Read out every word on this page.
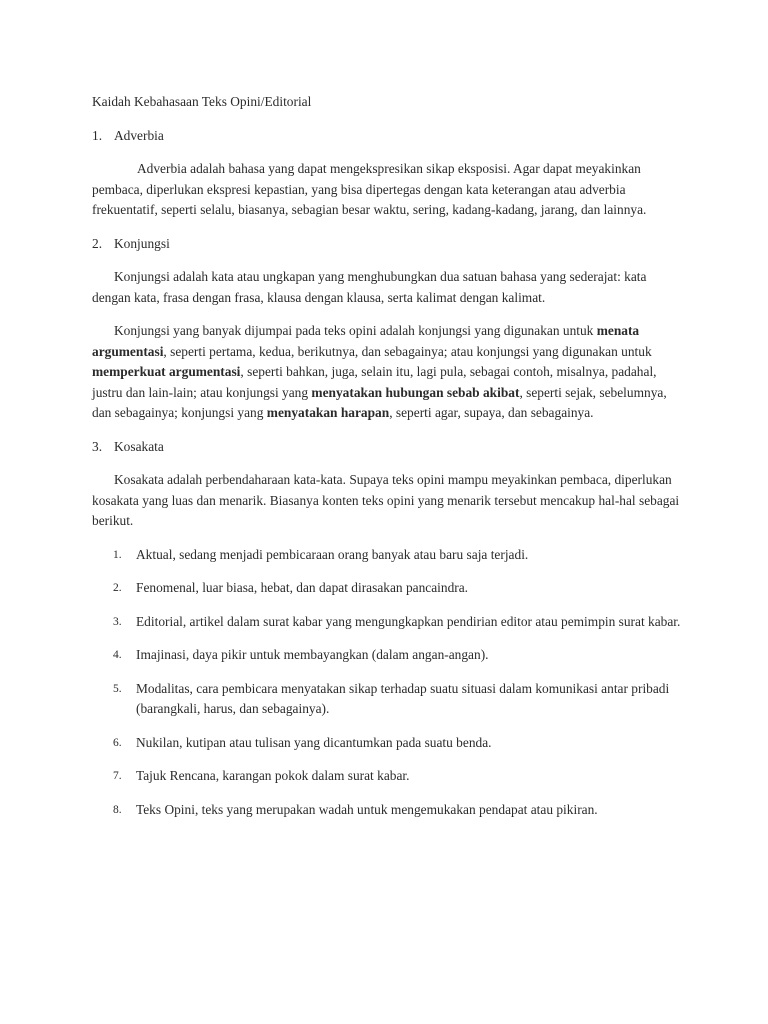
Kaidah Kebahasaan Teks Opini/Editorial

1. Adverbia

Adverbia adalah bahasa yang dapat mengekspresikan sikap eksposisi. Agar dapat meyakinkan pembaca, diperlukan ekspresi kepastian, yang bisa dipertegas dengan kata keterangan atau adverbia frekuentatif, seperti selalu, biasanya, sebagian besar waktu, sering, kadang-kadang, jarang, dan lainnya.

2. Konjungsi

Konjungsi adalah kata atau ungkapan yang menghubungkan dua satuan bahasa yang sederajat: kata dengan kata, frasa dengan frasa, klausa dengan klausa, serta kalimat dengan kalimat.

Konjungsi yang banyak dijumpai pada teks opini adalah konjungsi yang digunakan untuk menata argumentasi, seperti pertama, kedua, berikutnya, dan sebagainya; atau konjungsi yang digunakan untuk memperkuat argumentasi, seperti bahkan, juga, selain itu, lagi pula, sebagai contoh, misalnya, padahal, justru dan lain-lain; atau konjungsi yang menyatakan hubungan sebab akibat, seperti sejak, sebelumnya, dan sebagainya; konjungsi yang menyatakan harapan, seperti agar, supaya, dan sebagainya.

3. Kosakata

Kosakata adalah perbendaharaan kata-kata. Supaya teks opini mampu meyakinkan pembaca, diperlukan kosakata yang luas dan menarik. Biasanya konten teks opini yang menarik tersebut mencakup hal-hal sebagai berikut.

1.	Aktual, sedang menjadi pembicaraan orang banyak atau baru saja terjadi.
2.	Fenomenal, luar biasa, hebat, dan dapat dirasakan pancaindra.
3.	Editorial, artikel dalam surat kabar yang mengungkapkan pendirian editor atau pemimpin surat kabar.
4.	Imajinasi, daya pikir untuk membayangkan (dalam angan-angan).
5.	Modalitas, cara pembicara menyatakan sikap terhadap suatu situasi dalam komunikasi antar pribadi (barangkali, harus, dan sebagainya).
6.	Nukilan, kutipan atau tulisan yang dicantumkan pada suatu benda.
7.	Tajuk Rencana, karangan pokok dalam surat kabar.
8.	Teks Opini, teks yang merupakan wadah untuk mengemukakan pendapat atau pikiran.
